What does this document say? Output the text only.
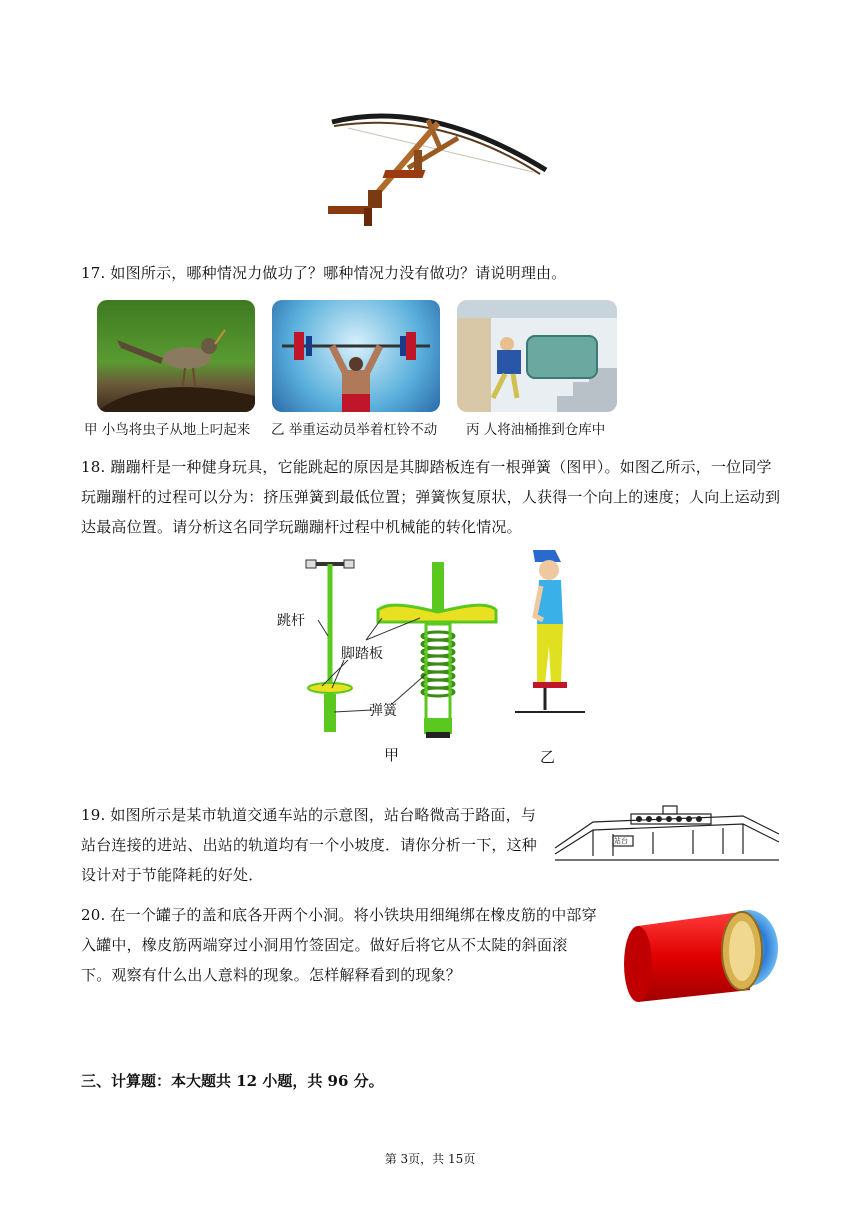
17. 如图所示，哪种情况力做功了？哪种情况力没有做功？请说明理由。
甲 小鸟将虫子从地上叼起来 乙 举重运动员举着杠铃不动 丙 人将油桶推到仓库中
18. 蹦蹦杆是一种健身玩具，它能跳起的原因是其脚踏板连有一根弹簧（图甲）。如图乙所示，一位同学玩蹦蹦杆的过程可以分为：挤压弹簧到最低位置；弹簧恢复原状，人获得一个向上的速度；人向上运动到达最高位置。请分析这名同学玩蹦蹦杆过程中机械能的转化情况。
跳杆
脚踏板
弹簧
甲	乙
19. 如图所示是某市轨道交通车站的示意图，站台略微高于路面，与站台连接的进站、出站的轨道均有一个小坡度．请你分析一下，这种设计对于节能降耗的好处．
站台
20. 在一个罐子的盖和底各开两个小洞。将小铁块用细绳绑在橡皮筋的中部穿入罐中，橡皮筋两端穿过小洞用竹签固定。做好后将它从不太陡的斜面滚下。观察有什么出人意料的现象。怎样解释看到的现象？
三、计算题：本大题共 12 小题，共 96 分。
第 3页，共 15页
